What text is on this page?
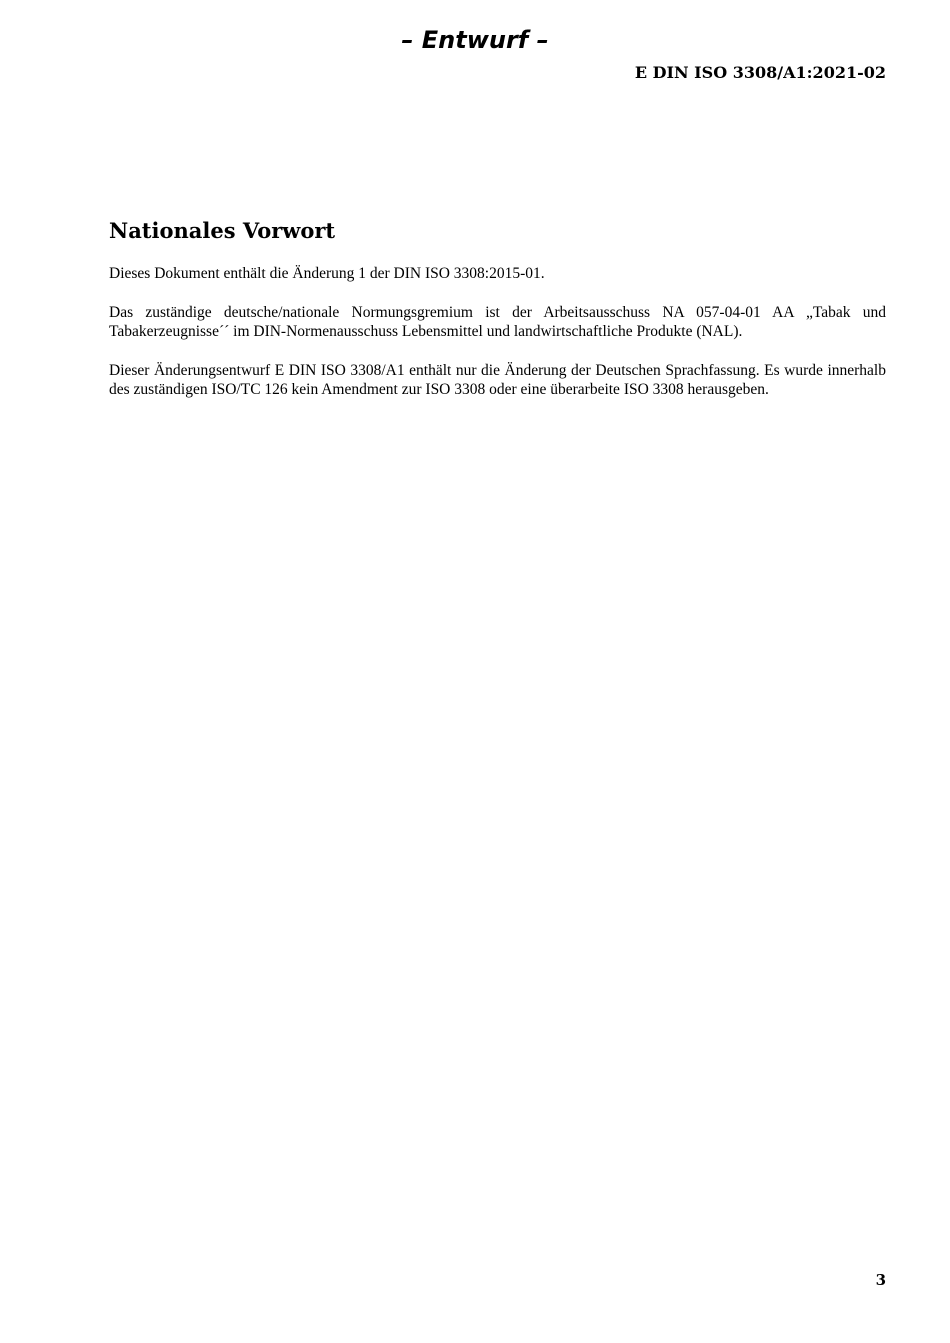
– Entwurf –
E DIN ISO 3308/A1:2021-02
Nationales Vorwort

Dieses Dokument enthält die Änderung 1 der DIN ISO 3308:2015-01.

Das zuständige deutsche/nationale Normungsgremium ist der Arbeitsausschuss NA 057-04-01 AA „Tabak und Tabakerzeugnisse´´ im DIN-Normenausschuss Lebensmittel und landwirtschaftliche Produkte (NAL).

Dieser Änderungsentwurf E DIN ISO 3308/A1 enthält nur die Änderung der Deutschen Sprachfassung. Es wurde innerhalb des zuständigen ISO/TC 126 kein Amendment zur ISO 3308 oder eine überarbeite ISO 3308 herausgeben.

3
